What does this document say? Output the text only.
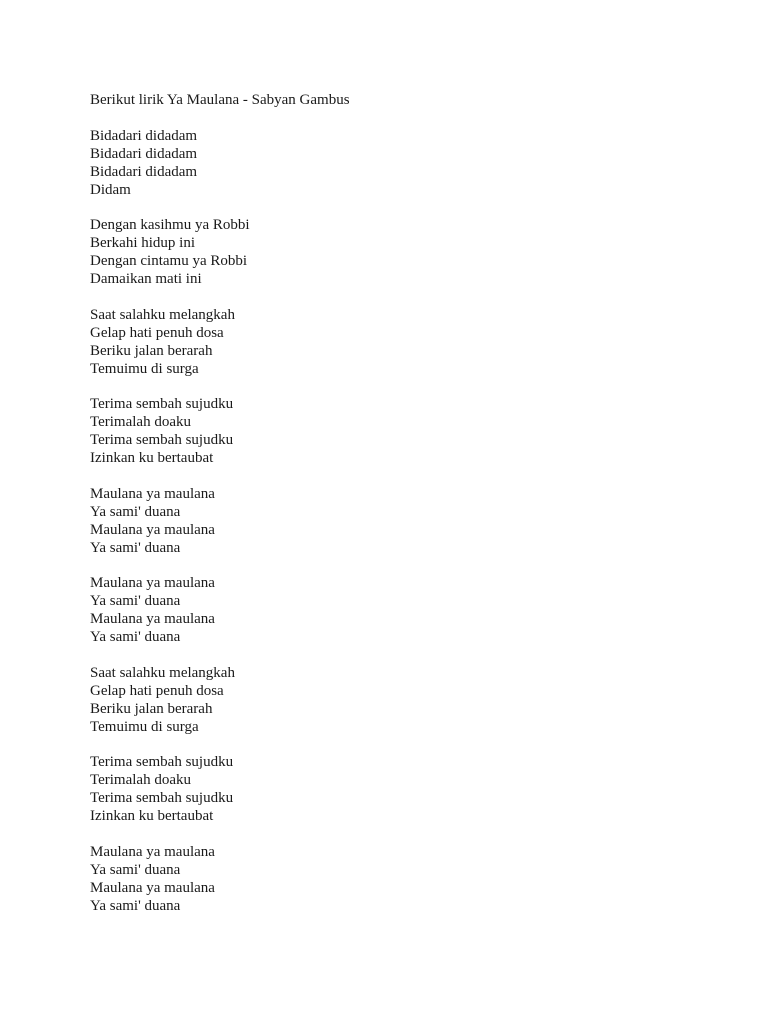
Berikut lirik Ya Maulana - Sabyan Gambus

Bidadari didadam
Bidadari didadam
Bidadari didadam
Didam
Dengan kasihmu ya Robbi
Berkahi hidup ini
Dengan cintamu ya Robbi
Damaikan mati ini
Saat salahku melangkah
Gelap hati penuh dosa
Beriku jalan berarah
Temuimu di surga
Terima sembah sujudku
Terimalah doaku
Terima sembah sujudku
Izinkan ku bertaubat
Maulana ya maulana
Ya sami' duana
Maulana ya maulana
Ya sami' duana
Maulana ya maulana
Ya sami' duana
Maulana ya maulana
Ya sami' duana
Saat salahku melangkah
Gelap hati penuh dosa
Beriku jalan berarah
Temuimu di surga
Terima sembah sujudku
Terimalah doaku
Terima sembah sujudku
Izinkan ku bertaubat
Maulana ya maulana
Ya sami' duana
Maulana ya maulana
Ya sami' duana
